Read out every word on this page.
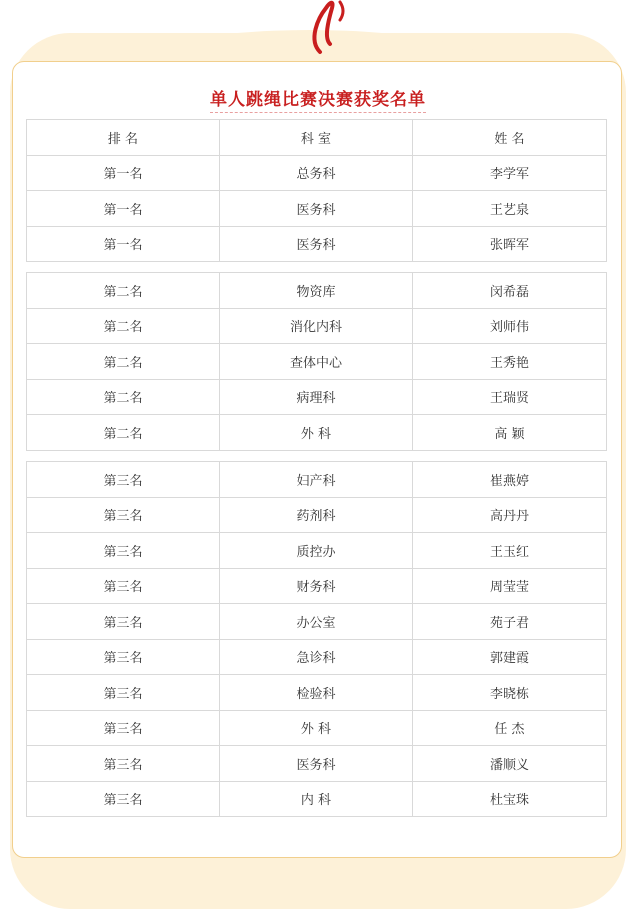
单人跳绳比赛决赛获奖名单
排 名	科 室	姓 名
第一名	总务科	李学军
第一名	医务科	王艺泉
第一名	医务科	张晖军
第二名	物资库	闵希磊
第二名	消化内科	刘师伟
第二名	查体中心	王秀艳
第二名	病理科	王瑞贤
第二名	外 科	高 颖
第三名	妇产科	崔燕婷
第三名	药剂科	高丹丹
第三名	质控办	王玉红
第三名	财务科	周莹莹
第三名	办公室	苑子君
第三名	急诊科	郭建霞
第三名	检验科	李晓栋
第三名	外 科	任 杰
第三名	医务科	潘顺义
第三名	内 科	杜宝珠
